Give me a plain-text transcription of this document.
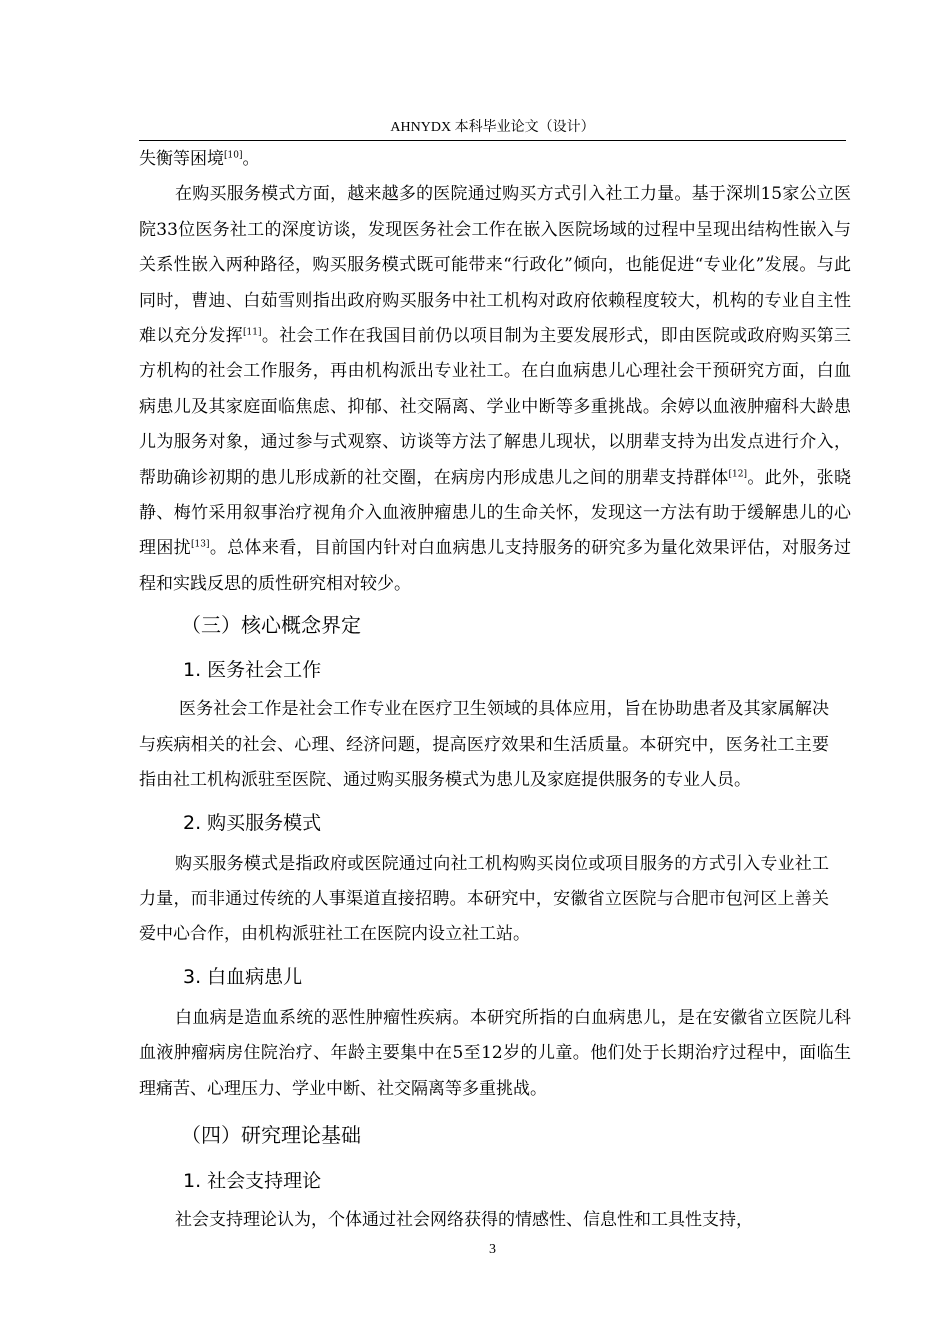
AHNYDX 本科毕业论文（设计）

失衡等困境[10]。

在购买服务模式方面，越来越多的医院通过购买方式引入社工力量。基于深圳15家公立医院33位医务社工的深度访谈，发现医务社会工作在嵌入医院场域的过程中呈现出结构性嵌入与关系性嵌入两种路径，购买服务模式既可能带来“行政化”倾向，也能促进“专业化”发展。与此同时，曹迪、白茹雪则指出政府购买服务中社工机构对政府依赖程度较大，机构的专业自主性难以充分发挥[11]。社会工作在我国目前仍以项目制为主要发展形式，即由医院或政府购买第三方机构的社会工作服务，再由机构派出专业社工。在白血病患儿心理社会干预研究方面，白血病患儿及其家庭面临焦虑、抑郁、社交隔离、学业中断等多重挑战。余婷以血液肿瘤科大龄患儿为服务对象，通过参与式观察、访谈等方法了解患儿现状，以朋辈支持为出发点进行介入，帮助确诊初期的患儿形成新的社交圈，在病房内形成患儿之间的朋辈支持群体[12]。此外，张晓静、梅竹采用叙事治疗视角介入血液肿瘤患儿的生命关怀，发现这一方法有助于缓解患儿的心理困扰[13]。总体来看，目前国内针对白血病患儿支持服务的研究多为量化效果评估，对服务过程和实践反思的质性研究相对较少。

（三）核心概念界定
1. 医务社会工作

医务社会工作是社会工作专业在医疗卫生领域的具体应用，旨在协助患者及其家属解决与疾病相关的社会、心理、经济问题，提高医疗效果和生活质量。本研究中，医务社工主要指由社工机构派驻至医院、通过购买服务模式为患儿及家庭提供服务的专业人员。

2. 购买服务模式

购买服务模式是指政府或医院通过向社工机构购买岗位或项目服务的方式引入专业社工力量，而非通过传统的人事渠道直接招聘。本研究中，安徽省立医院与合肥市包河区上善关爱中心合作，由机构派驻社工在医院内设立社工站。

3. 白血病患儿

白血病是造血系统的恶性肿瘤性疾病。本研究所指的白血病患儿，是在安徽省立医院儿科血液肿瘤病房住院治疗、年龄主要集中在5至12岁的儿童。他们处于长期治疗过程中，面临生理痛苦、心理压力、学业中断、社交隔离等多重挑战。

（四）研究理论基础
1. 社会支持理论

社会支持理论认为，个体通过社会网络获得的情感性、信息性和工具性支持，

3
